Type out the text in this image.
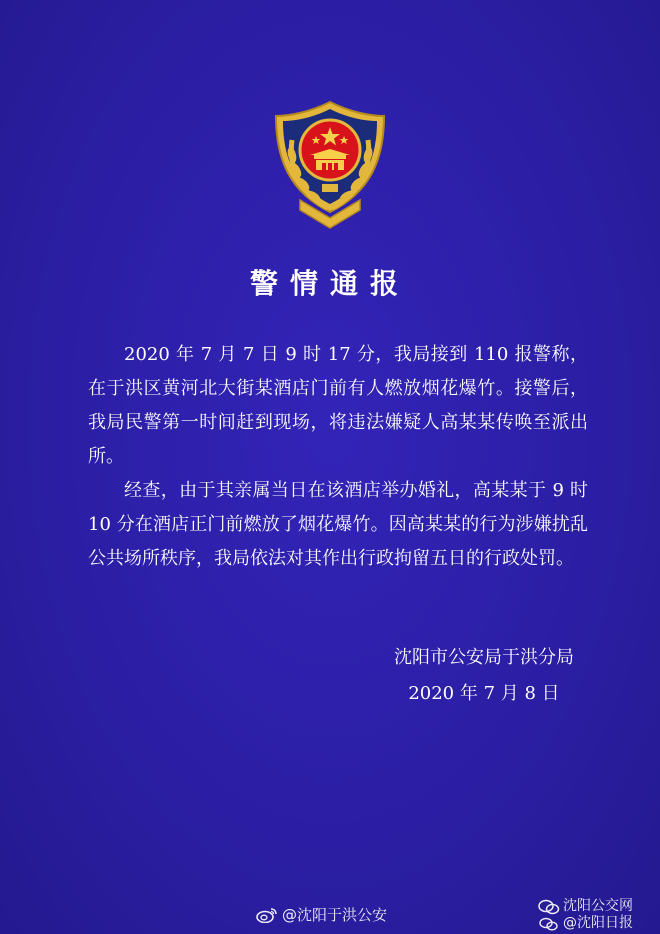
警情通报

2020 年 7 月 7 日 9 时 17 分，我局接到 110 报警称，在于洪区黄河北大街某酒店门前有人燃放烟花爆竹。接警后，我局民警第一时间赶到现场，将违法嫌疑人高某某传唤至派出所。

经查，由于其亲属当日在该酒店举办婚礼，高某某于 9 时 10 分在酒店正门前燃放了烟花爆竹。因高某某的行为涉嫌扰乱公共场所秩序，我局依法对其作出行政拘留五日的行政处罚。

沈阳市公安局于洪分局
2020 年 7 月 8 日
@沈阳于洪公安	沈阳公交网
@沈阳日报
